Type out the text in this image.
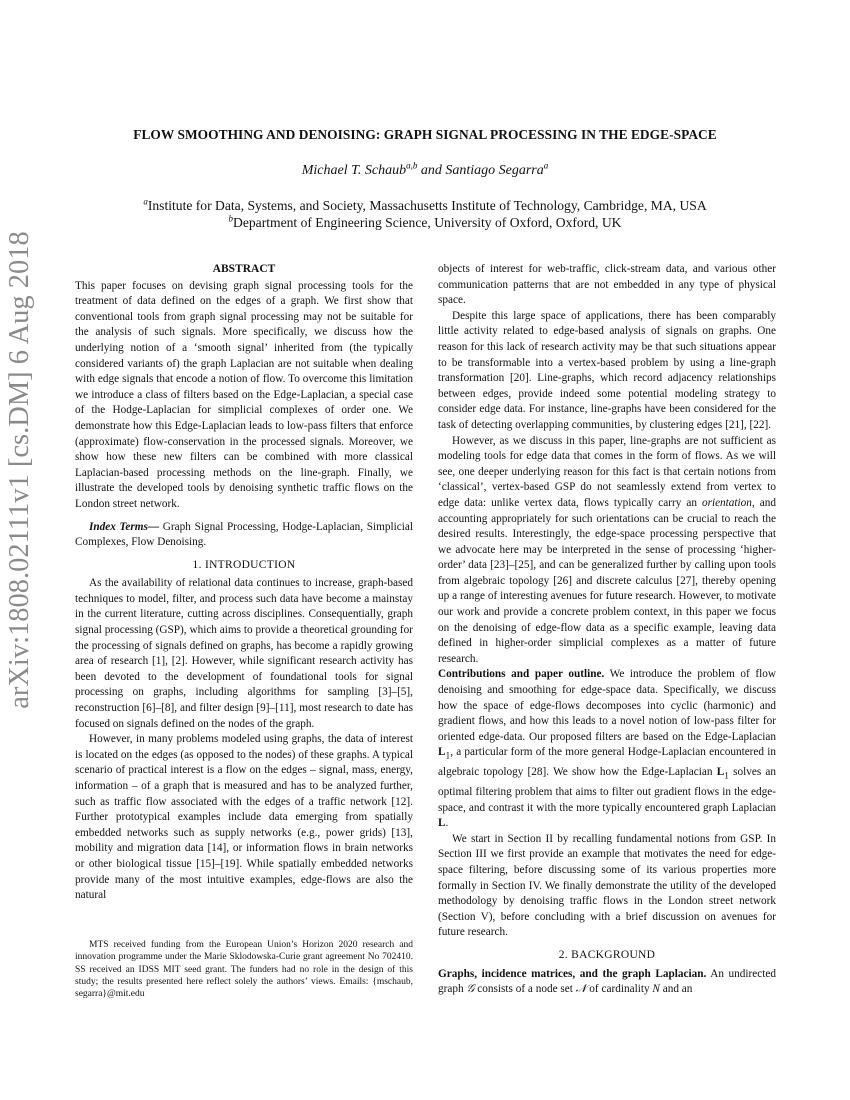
arXiv:1808.02111v1 [cs.DM] 6 Aug 2018
FLOW SMOOTHING AND DENOISING: GRAPH SIGNAL PROCESSING IN THE EDGE-SPACE
Michael T. Schaub$^{a,b}$ and Santiago Segarra$^a$
$^a$Institute for Data, Systems, and Society, Massachusetts Institute of Technology, Cambridge, MA, USA
$^b$Department of Engineering Science, University of Oxford, Oxford, UK
ABSTRACT

This paper focuses on devising graph signal processing tools for the treatment of data defined on the edges of a graph. We first show that conventional tools from graph signal processing may not be suitable for the analysis of such signals. More specifically, we discuss how the underlying notion of a ‘smooth signal’ inherited from (the typically considered variants of) the graph Laplacian are not suitable when dealing with edge signals that encode a notion of flow. To overcome this limitation we introduce a class of filters based on the Edge-Laplacian, a special case of the Hodge-Laplacian for simplicial complexes of order one. We demonstrate how this Edge-Laplacian leads to low-pass filters that enforce (approximate) flow-conservation in the processed signals. Moreover, we show how these new filters can be combined with more classical Laplacian-based processing methods on the line-graph. Finally, we illustrate the developed tools by denoising synthetic traffic flows on the London street network.

Index Terms— Graph Signal Processing, Hodge-Laplacian, Simplicial Complexes, Flow Denoising.

1. INTRODUCTION

As the availability of relational data continues to increase, graph-based techniques to model, filter, and process such data have become a mainstay in the current literature, cutting across disciplines. Consequentially, graph signal processing (GSP), which aims to provide a theoretical grounding for the processing of signals defined on graphs, has become a rapidly growing area of research [1], [2]. However, while significant research activity has been devoted to the development of foundational tools for signal processing on graphs, including algorithms for sampling [3]–[5], reconstruction [6]–[8], and filter design [9]–[11], most research to date has focused on signals defined on the nodes of the graph.

However, in many problems modeled using graphs, the data of interest is located on the edges (as opposed to the nodes) of these graphs. A typical scenario of practical interest is a flow on the edges – signal, mass, energy, information – of a graph that is measured and has to be analyzed further, such as traffic flow associated with the edges of a traffic network [12]. Further prototypical examples include data emerging from spatially embedded networks such as supply networks (e.g., power grids) [13], mobility and migration data [14], or information flows in brain networks or other biological tissue [15]–[19]. While spatially embedded networks provide many of the most intuitive examples, edge-flows are also the natural

MTS received funding from the European Union’s Horizon 2020 research and innovation programme under the Marie Sklodowska-Curie grant agreement No 702410. SS received an IDSS MIT seed grant. The funders had no role in the design of this study; the results presented here reflect solely the authors’ views. Emails: {mschaub, segarra}@mit.edu

objects of interest for web-traffic, click-stream data, and various other communication patterns that are not embedded in any type of physical space.

Despite this large space of applications, there has been comparably little activity related to edge-based analysis of signals on graphs. One reason for this lack of research activity may be that such situations appear to be transformable into a vertex-based problem by using a line-graph transformation [20]. Line-graphs, which record adjacency relationships between edges, provide indeed some potential modeling strategy to consider edge data. For instance, line-graphs have been considered for the task of detecting overlapping communities, by clustering edges [21], [22].

However, as we discuss in this paper, line-graphs are not sufficient as modeling tools for edge data that comes in the form of flows. As we will see, one deeper underlying reason for this fact is that certain notions from ‘classical’, vertex-based GSP do not seamlessly extend from vertex to edge data: unlike vertex data, flows typically carry an orientation, and accounting appropriately for such orientations can be crucial to reach the desired results. Interestingly, the edge-space processing perspective that we advocate here may be interpreted in the sense of processing ‘higher-order’ data [23]–[25], and can be generalized further by calling upon tools from algebraic topology [26] and discrete calculus [27], thereby opening up a range of interesting avenues for future research. However, to motivate our work and provide a concrete problem context, in this paper we focus on the denoising of edge-flow data as a specific example, leaving data defined in higher-order simplicial complexes as a matter of future research.

Contributions and paper outline. We introduce the problem of flow denoising and smoothing for edge-space data. Specifically, we discuss how the space of edge-flows decomposes into cyclic (harmonic) and gradient flows, and how this leads to a novel notion of low-pass filter for oriented edge-data. Our proposed filters are based on the Edge-Laplacian $L_1$, a particular form of the more general Hodge-Laplacian encountered in algebraic topology [28]. We show how the Edge-Laplacian $L_1$ solves an optimal filtering problem that aims to filter out gradient flows in the edge-space, and contrast it with the more typically encountered graph Laplacian L.

We start in Section II by recalling fundamental notions from GSP. In Section III we first provide an example that motivates the need for edge-space filtering, before discussing some of its various properties more formally in Section IV. We finally demonstrate the utility of the developed methodology by denoising traffic flows in the London street network (Section V), before concluding with a brief discussion on avenues for future research.

2. BACKGROUND

Graphs, incidence matrices, and the graph Laplacian. An undirected graph 𝒢 consists of a node set 𝒩 of cardinality N and an
